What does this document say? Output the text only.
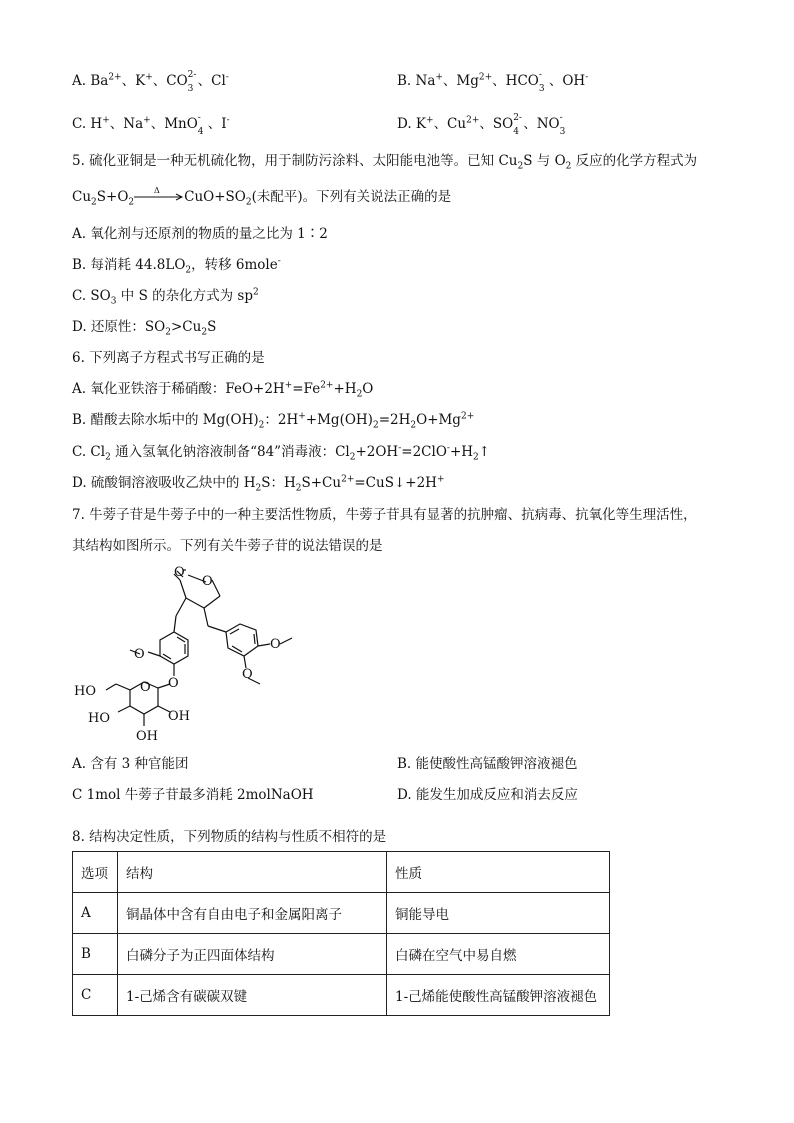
A. $Ba^{2+}$、K+、CO 2-
3 、Cl-	B. Na+、$Mg^{2+}$、HCO -
3 、OH-
C. H+、Na+、MnO -
4 、I-	D. K+、$Cu^{2+}$、SO 2-
4 、NO -
3
5. 硫化亚铜是一种无机硫化物，用于制防污涂料、太阳能电池等。已知 $Cu_2S$ 与 $O_2$ 反应的化学方程式为
$Cu_2S+O_2$
Δ $CuO+SO_2$(未配平)。下列有关说法正确的是
A. 氧化剂与还原剂的物质的量之比为 1∶2
B. 每消耗 $44.8LO_2$，转移 6mole-
C. $SO_3$ 中 S 的杂化方式为 $sp^2$
D. 还原性：$SO_2>Cu_2S$
6. 下列离子方程式书写正确的是
A. 氧化亚铁溶于稀硝酸：$FeO+2H^+=Fe^{2+}+H_2O$
B. 醋酸去除水垢中的 $Mg(OH)_2$：$2H^++Mg(OH)_2=2H_2O+Mg^{2+}$
C. $Cl_2$ 通入氢氧化钠溶液制备“84”消毒液：$Cl_2+2OH^-=2ClO^-+H_2↑$
D. 硫酸铜溶液吸收乙炔中的 $H_2S$：$H_2S+Cu^{2+}=CuS↓+2H^+$
7. 牛蒡子苷是牛蒡子中的一种主要活性物质，牛蒡子苷具有显著的抗肿瘤、抗病毒、抗氧化等生理活性，
其结构如图所示。下列有关牛蒡子苷的说法错误的是
O
O
O
O
O
HO
HO
OH
OH
O
O
A. 含有 3 种官能团	B. 能使酸性高锰酸钾溶液褪色
C 1mol 牛蒡子苷最多消耗 2molNaOH	D. 能发生加成反应和消去反应
8. 结构决定性质，下列物质的结构与性质不相符的是
选项	结构	性质
A	铜晶体中含有自由电子和金属阳离子	铜能导电
B	白磷分子为正四面体结构	白磷在空气中易自燃
C	1-己烯含有碳碳双键	1-己烯能使酸性高锰酸钾溶液褪色
